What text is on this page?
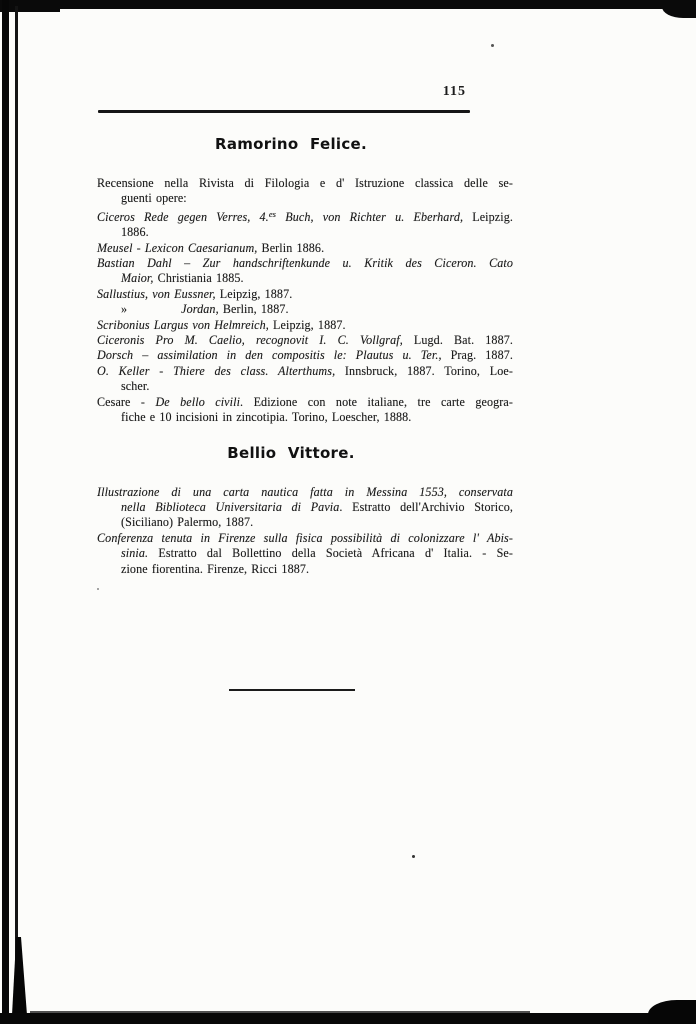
115
Ramorino Felice.
Recensione nella Rivista di Filologia e d' Istruzione classica delle se-
guenti opere:
Ciceros Rede gegen Verres, 4.$^{es}$ Buch, von Richter u. Eberhard, Leipzig.
1886.
Meusel - Lexicon Caesarianum, Berlin 1886.
Bastian Dahl – Zur handschriftenkunde u. Kritik des Ciceron. Cato
Maior, Christiania 1885.
Sallustius, von Eussner, Leipzig, 1887.
»	Jordan, Berlin, 1887.
Scribonius Largus von Helmreich, Leipzig, 1887.
Ciceronis Pro M. Caelio, recognovit I. C. Vollgraf, Lugd. Bat. 1887.
Dorsch – assimilation in den compositis le: Plautus u. Ter., Prag. 1887.
O. Keller - Thiere des class. Alterthums, Innsbruck, 1887. Torino, Loe-
scher.
Cesare - De bello civili. Edizione con note italiane, tre carte geogra-
fiche e 10 incisioni in zincotipia. Torino, Loescher, 1888.
Bellio Vittore.
Illustrazione di una carta nautica fatta in Messina 1553, conservata
nella Biblioteca Universitaria di Pavia. Estratto dell'Archivio Storico,
(Siciliano) Palermo, 1887.
Conferenza tenuta in Firenze sulla fisica possibilità di colonizzare l' Abis-
sinia. Estratto dal Bollettino della Società Africana d' Italia. - Se-
zione fiorentina. Firenze, Ricci 1887.
